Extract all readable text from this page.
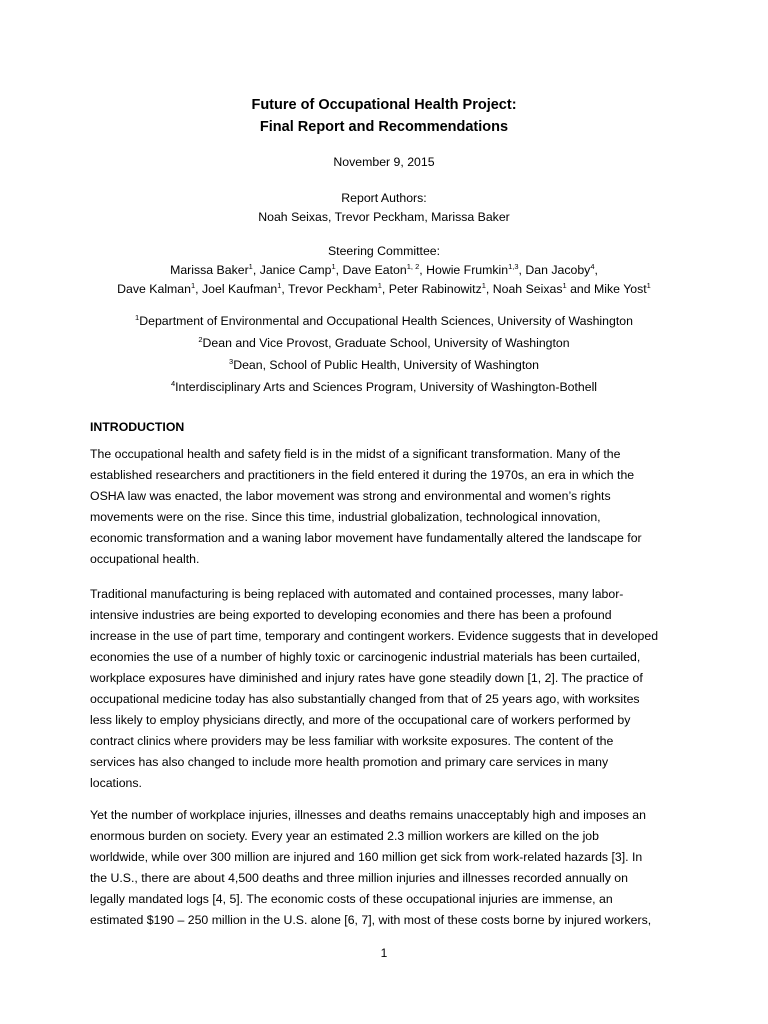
Future of Occupational Health Project:
Final Report and Recommendations
November 9, 2015
Report Authors:
Noah Seixas, Trevor Peckham, Marissa Baker
Steering Committee:
Marissa Baker$^1$, Janice Camp$^1$, Dave Eaton$^{1, 2}$, Howie Frumkin$^{1,3}$, Dan Jacoby$^4$,
Dave Kalman$^1$, Joel Kaufman$^1$, Trevor Peckham$^1$, Peter Rabinowitz$^1$, Noah Seixas$^1$ and Mike Yost$^1$
$^1$Department of Environmental and Occupational Health Sciences, University of Washington
$^2$Dean and Vice Provost, Graduate School, University of Washington
$^3$Dean, School of Public Health, University of Washington
$^4$Interdisciplinary Arts and Sciences Program, University of Washington-Bothell
INTRODUCTION
The occupational health and safety field is in the midst of a significant transformation. Many of the
established researchers and practitioners in the field entered it during the 1970s, an era in which the
OSHA law was enacted, the labor movement was strong and environmental and women’s rights
movements were on the rise. Since this time, industrial globalization, technological innovation,
economic transformation and a waning labor movement have fundamentally altered the landscape for
occupational health.
Traditional manufacturing is being replaced with automated and contained processes, many labor-
intensive industries are being exported to developing economies and there has been a profound
increase in the use of part time, temporary and contingent workers. Evidence suggests that in developed
economies the use of a number of highly toxic or carcinogenic industrial materials has been curtailed,
workplace exposures have diminished and injury rates have gone steadily down [1, 2]. The practice of
occupational medicine today has also substantially changed from that of 25 years ago, with worksites
less likely to employ physicians directly, and more of the occupational care of workers performed by
contract clinics where providers may be less familiar with worksite exposures. The content of the
services has also changed to include more health promotion and primary care services in many
locations.
Yet the number of workplace injuries, illnesses and deaths remains unacceptably high and imposes an
enormous burden on society. Every year an estimated 2.3 million workers are killed on the job
worldwide, while over 300 million are injured and 160 million get sick from work-related hazards [3]. In
the U.S., there are about 4,500 deaths and three million injuries and illnesses recorded annually on
legally mandated logs [4, 5]. The economic costs of these occupational injuries are immense, an
estimated $190 – 250 million in the U.S. alone [6, 7], with most of these costs borne by injured workers,
1
